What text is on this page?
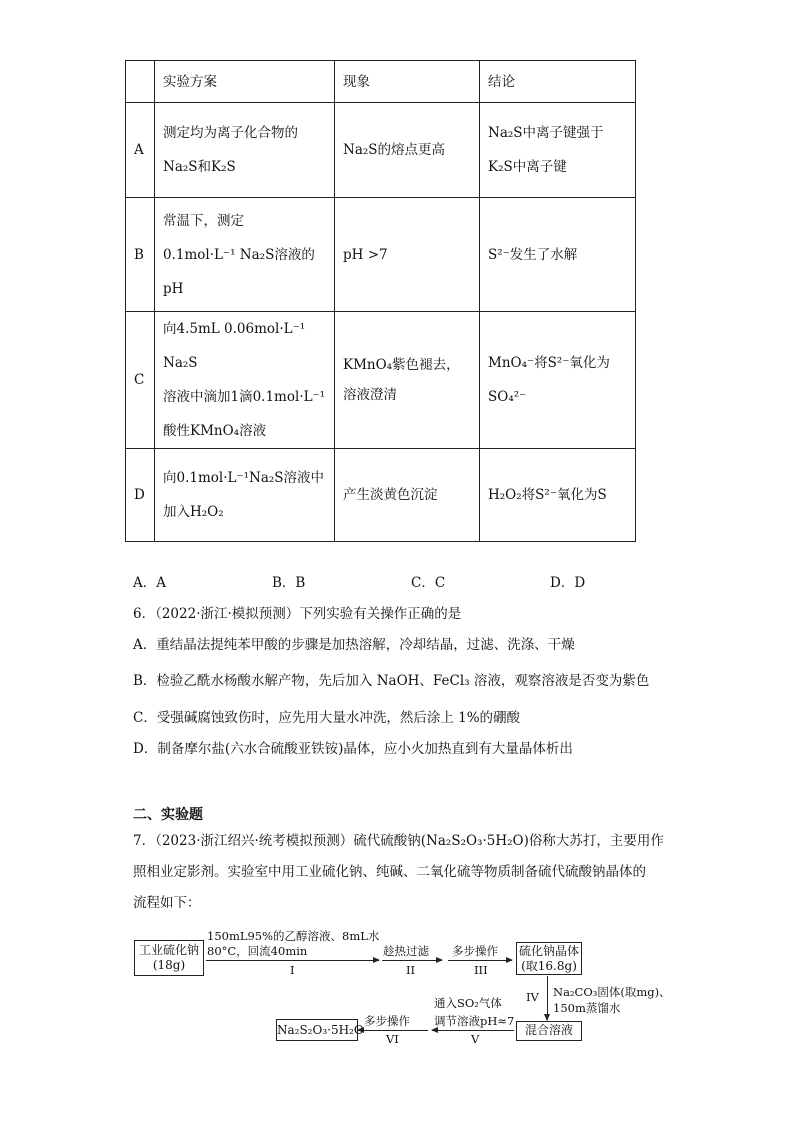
	实验方案	现象	结论
A	测定均为离子化合物的
Na₂S和K₂S	Na₂S的熔点更高	Na₂S中离子键强于
K₂S中离子键

B	常温下，测定
0.1mol·L⁻¹ Na₂S溶液的
pH	pH >7	S²⁻发生了水解

C	向4.5mL 0.06mol·L⁻¹ Na₂S
溶液中滴加1滴0.1mol·L⁻¹
酸性KMnO₄溶液	KMnO₄紫色褪去，溶液澄清	MnO₄⁻将S²⁻氧化为
SO₄²⁻

D	向0.1mol·L⁻¹Na₂S溶液中
加入H₂O₂	产生淡黄色沉淀	H₂O₂将S²⁻氧化为S
A．A	B．B	C．C	D．D
6．（2022·浙江·模拟预测）下列实验有关操作正确的是
A．重结晶法提纯苯甲酸的步骤是加热溶解，冷却结晶，过滤、洗涤、干燥
B．检验乙酰水杨酸水解产物，先后加入 NaOH、FeCl₃ 溶液，观察溶液是否变为紫色
C．受强碱腐蚀致伤时，应先用大量水冲洗，然后涂上 1%的硼酸
D．制备摩尔盐(六水合硫酸亚铁铵)晶体，应小火加热直到有大量晶体析出
二、实验题
7．（2023·浙江绍兴·统考模拟预测）硫代硫酸钠(Na₂S₂O₃·5H₂O)俗称大苏打，主要用作
照相业定影剂。实验室中用工业硫化钠、纯碱、二氧化硫等物质制备硫代硫酸钠晶体的
流程如下：
工业硫化钠
(18g)
150mL95%的乙醇溶液、8mL水
80°C，回流40min
I
趁热过滤
II
多步操作
III
硫化钠晶体
(取16.8g)
IV Na₂CO₃固体(取mg)、
150m蒸馏水
混合溶液
通入SO₂气体
调节溶液pH≈7
V
多步操作
VI
Na₂S₂O₃·5H₂O
